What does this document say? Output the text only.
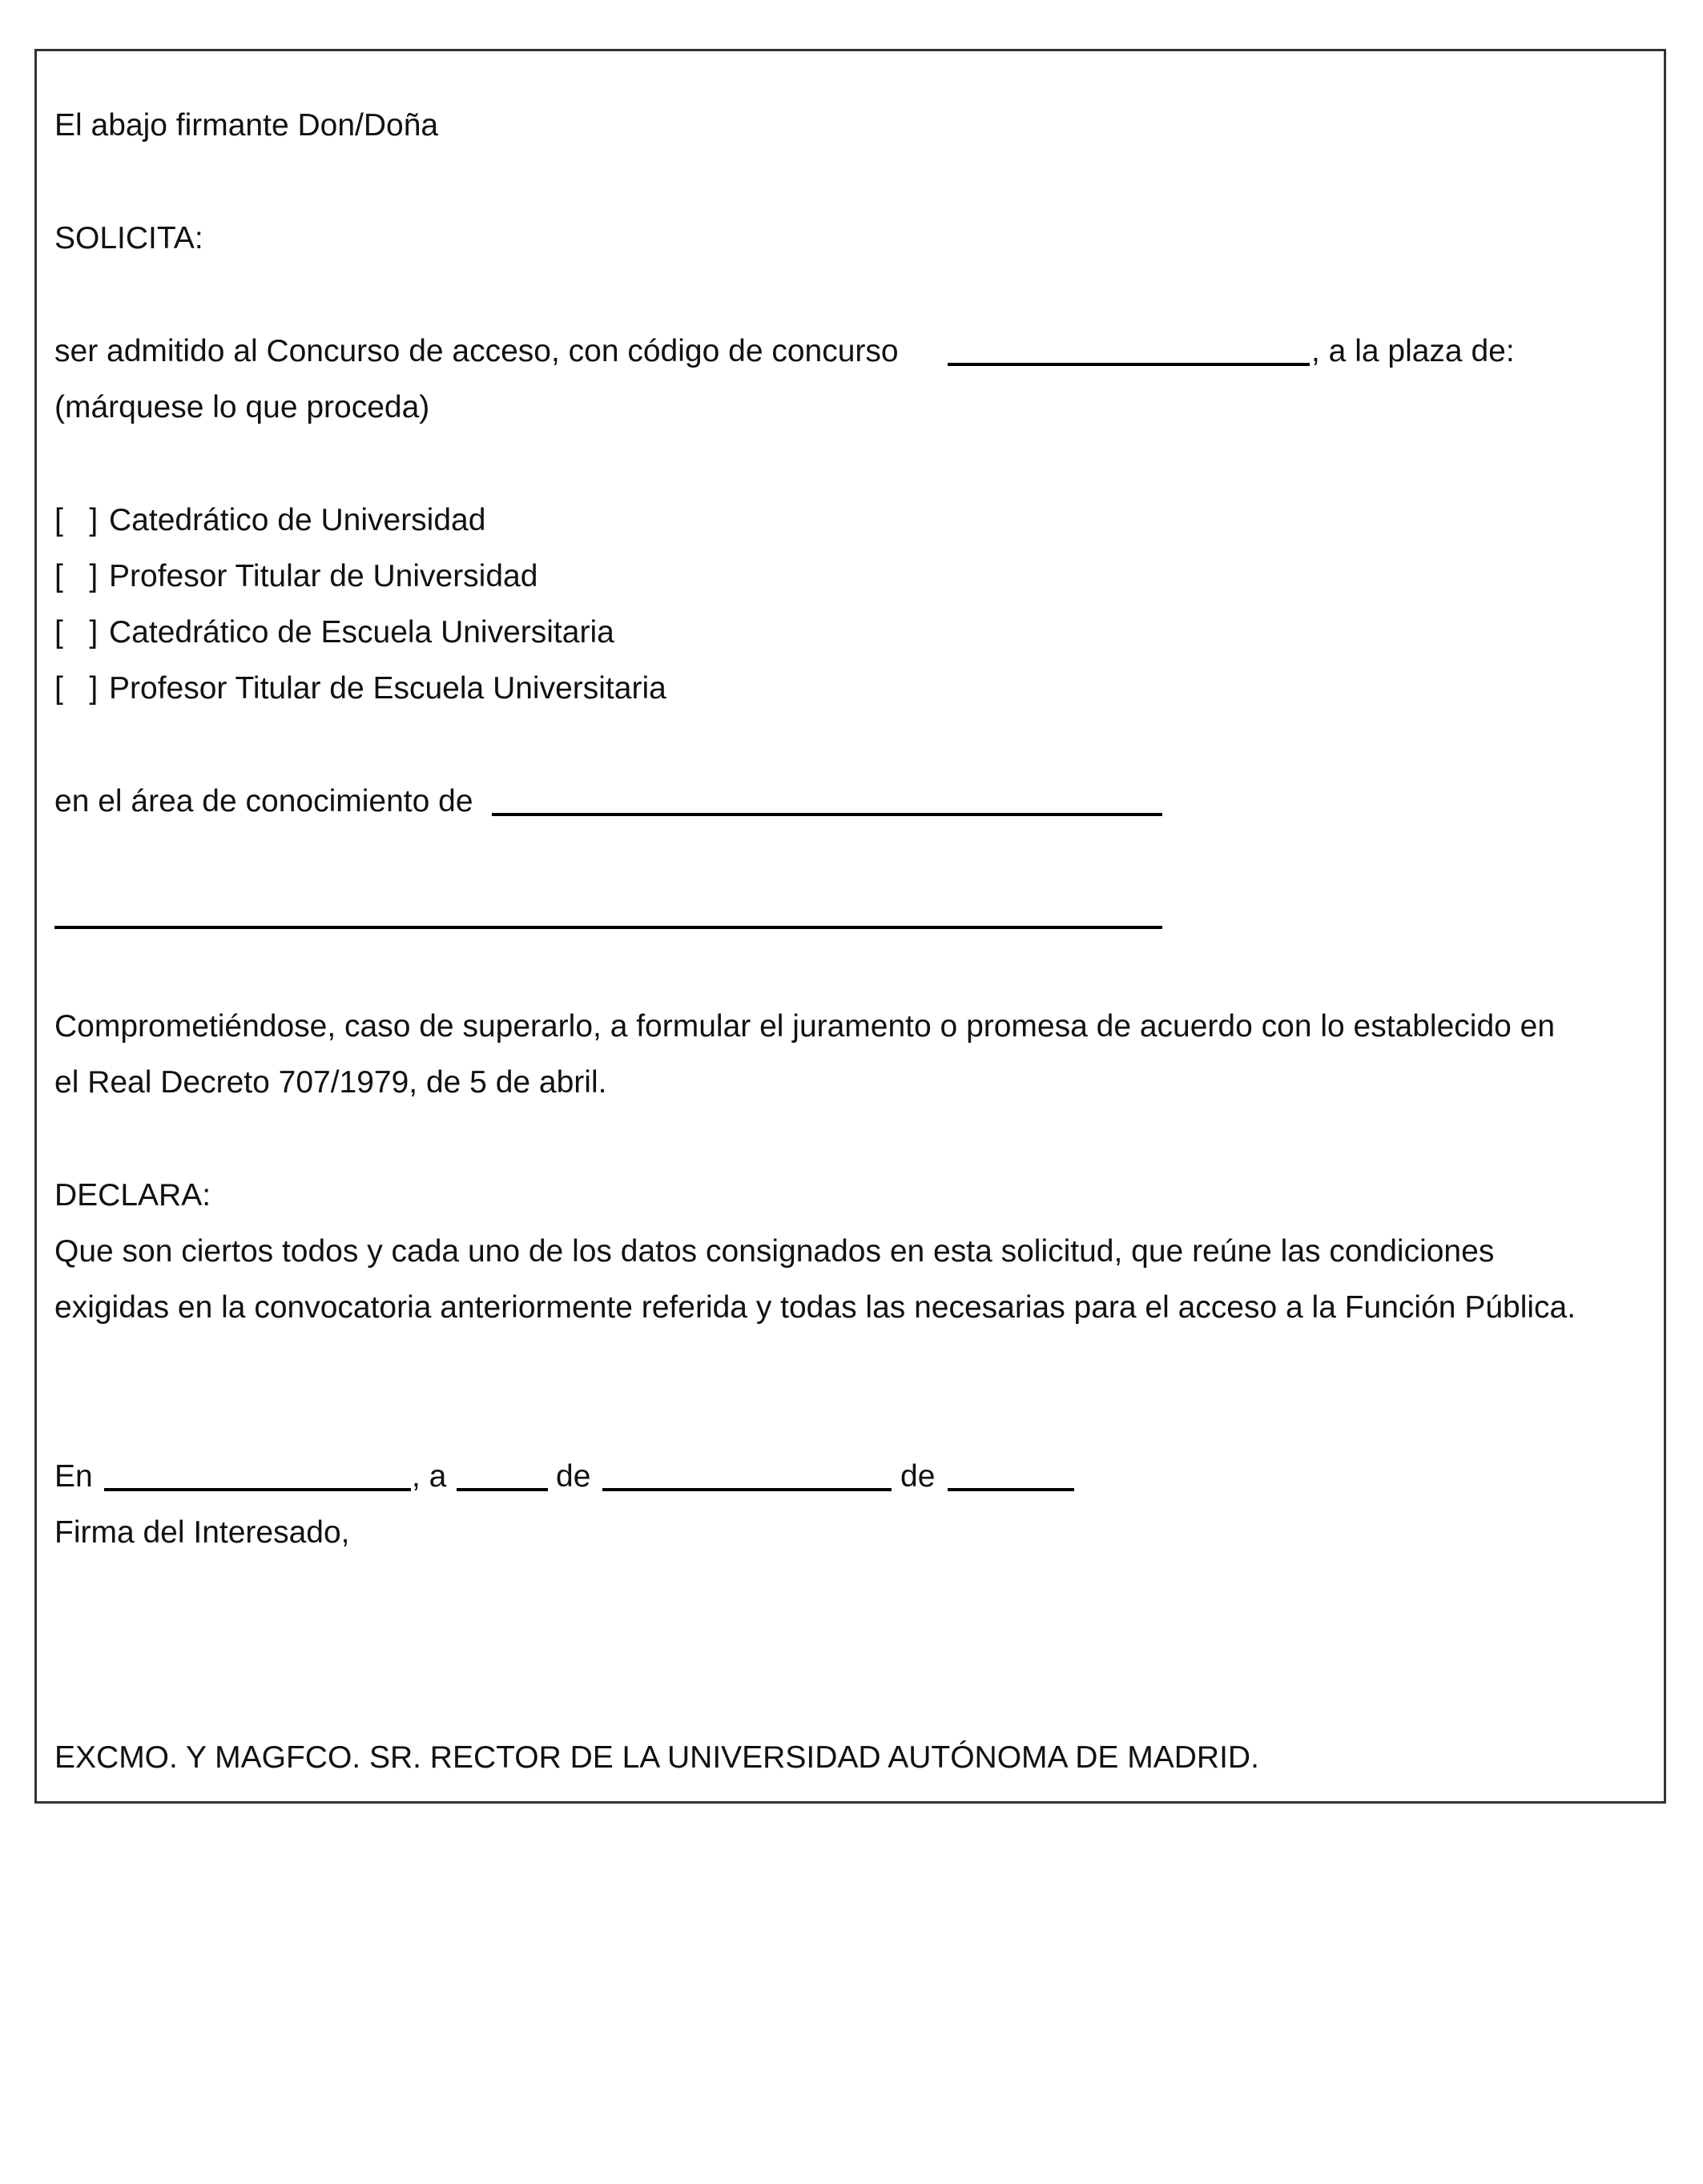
El abajo firmante Don/Doña
SOLICITA:
ser admitido al Concurso de acceso, con código de concurso	, a la plaza de:
(márquese lo que proceda)
[   ] Catedrático de Universidad
[   ] Profesor Titular de Universidad
[   ] Catedrático de Escuela Universitaria
[   ] Profesor Titular de Escuela Universitaria
en el área de conocimiento de
Comprometiéndose, caso de superarlo, a formular el juramento o promesa de acuerdo con lo establecido en
el Real Decreto 707/1979, de 5 de abril.
DECLARA:
Que son ciertos todos y cada uno de los datos consignados en esta solicitud, que reúne las condiciones
exigidas en la convocatoria anteriormente referida y todas las necesarias para el acceso a la Función Pública.
En	, a	de	de
Firma del Interesado,
EXCMO. Y MAGFCO. SR. RECTOR DE LA UNIVERSIDAD AUTÓNOMA DE MADRID.
